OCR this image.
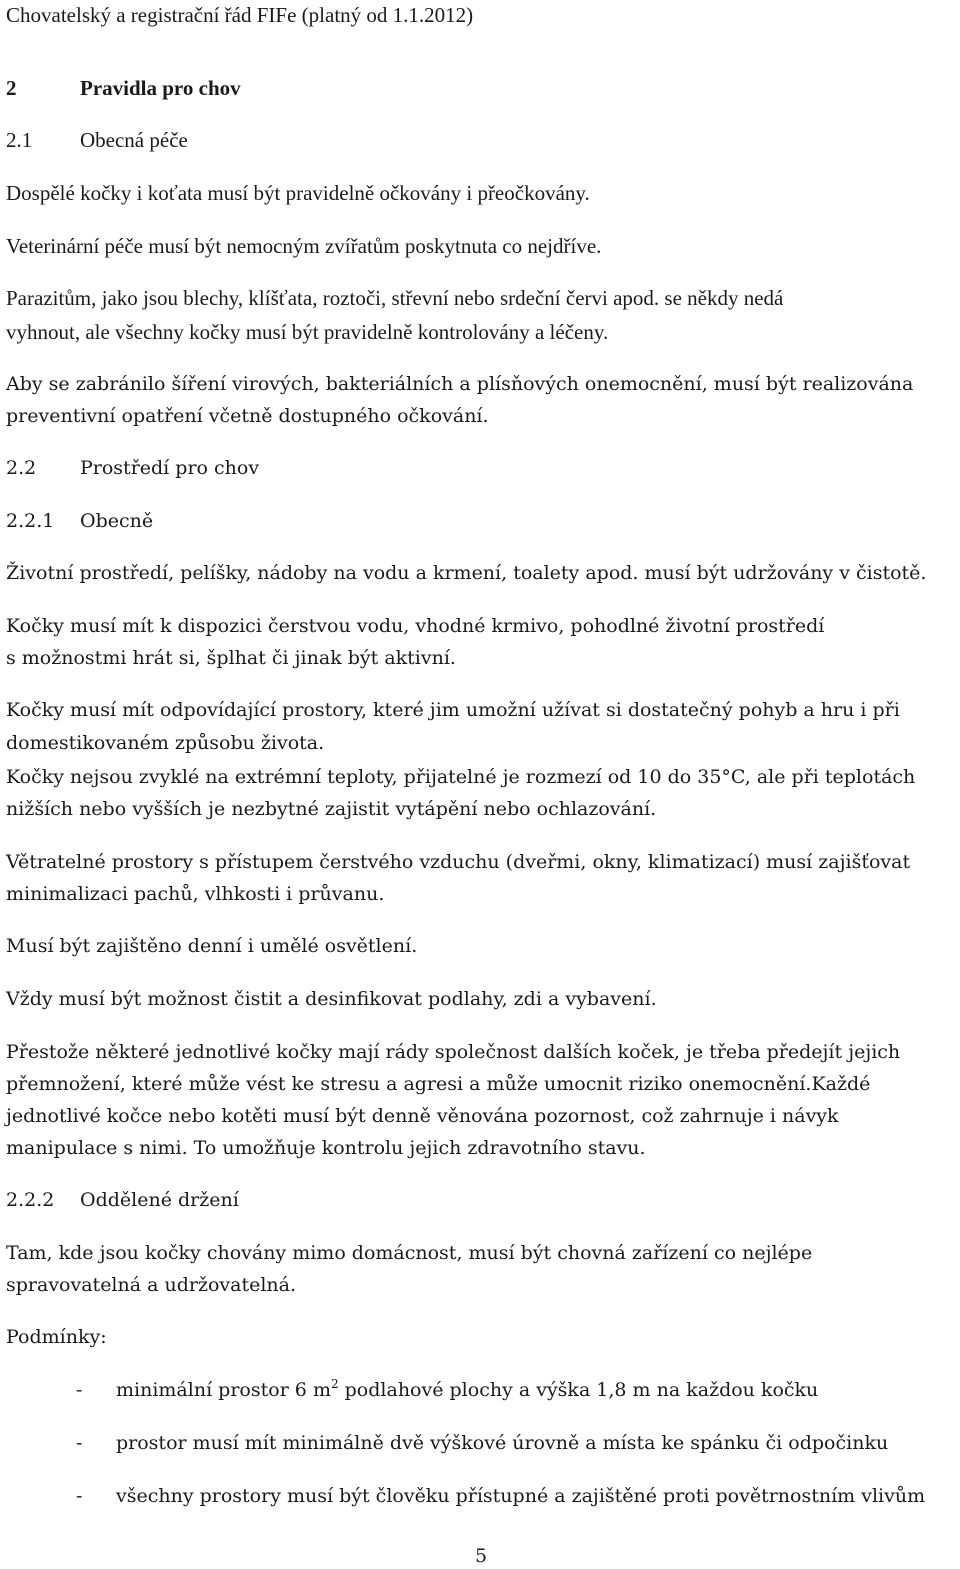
Chovatelský a registrační řád FIFe (platný od 1.1.2012)
2	Pravidla pro chov
2.1 Obecná péče
Dospělé kočky i koťata musí být pravidelně očkovány i přeočkovány.
Veterinární péče musí být nemocným zvířatům poskytnuta co nejdříve.
Parazitům, jako jsou blechy, klíšťata, roztoči, střevní nebo srdeční červi apod. se někdy nedá
vyhnout, ale všechny kočky musí být pravidelně kontrolovány a léčeny.
Aby se zabránilo šíření virových, bakteriálních a plísňových onemocnění, musí být realizována
preventivní opatření včetně dostupného očkování.
2.2 Prostředí pro chov
2.2.1 Obecně
Životní prostředí, pelíšky, nádoby na vodu a krmení, toalety apod. musí být udržovány v čistotě.
Kočky musí mít k dispozici čerstvou vodu, vhodné krmivo, pohodlné životní prostředí
s možnostmi hrát si, šplhat či jinak být aktivní.
Kočky musí mít odpovídající prostory, které jim umožní užívat si dostatečný pohyb a hru i při
domestikovaném způsobu života.
Kočky nejsou zvyklé na extrémní teploty, přijatelné je rozmezí od 10 do 35°C, ale při teplotách
nižších nebo vyšších je nezbytné zajistit vytápění nebo ochlazování.
Větratelné prostory s přístupem čerstvého vzduchu (dveřmi, okny, klimatizací) musí zajišťovat
minimalizaci pachů, vlhkosti i průvanu.
Musí být zajištěno denní i umělé osvětlení.
Vždy musí být možnost čistit a desinfikovat podlahy, zdi a vybavení.
Přestože některé jednotlivé kočky mají rády společnost dalších koček, je třeba předejít jejich
přemnožení, které může vést ke stresu a agresi a může umocnit riziko onemocnění.Každé
jednotlivé kočce nebo kotěti musí být denně věnována pozornost, což zahrnuje i návyk
manipulace s nimi. To umožňuje kontrolu jejich zdravotního stavu.
2.2.2 Oddělené držení
Tam, kde jsou kočky chovány mimo domácnost, musí být chovná zařízení co nejlépe
spravovatelná a udržovatelná.
Podmínky:
- minimální prostor 6 $m^2$ podlahové plochy a výška 1,8 m na každou kočku
- prostor musí mít minimálně dvě výškové úrovně a místa ke spánku či odpočinku
- všechny prostory musí být člověku přístupné a zajištěné proti povětrnostním vlivům
5
